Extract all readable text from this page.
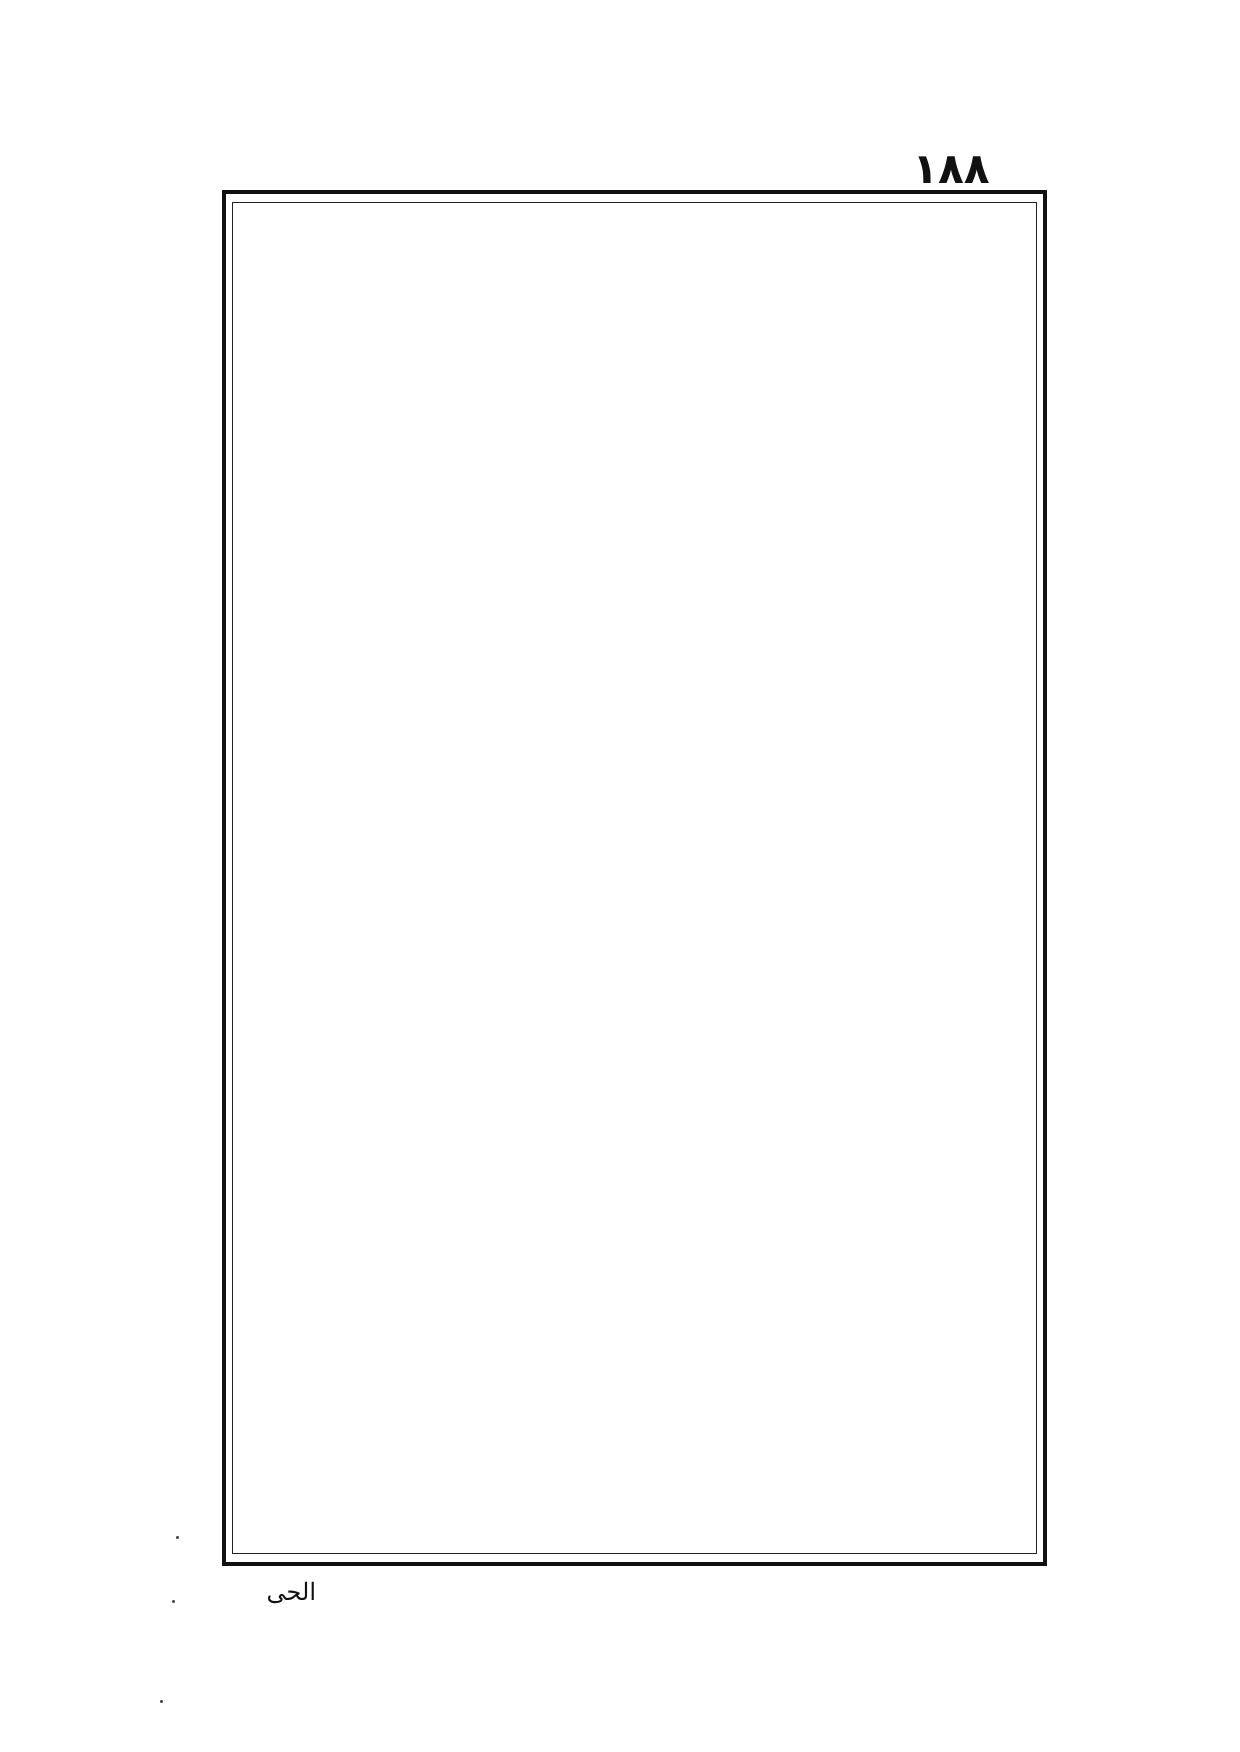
۱۸۸
الحى
